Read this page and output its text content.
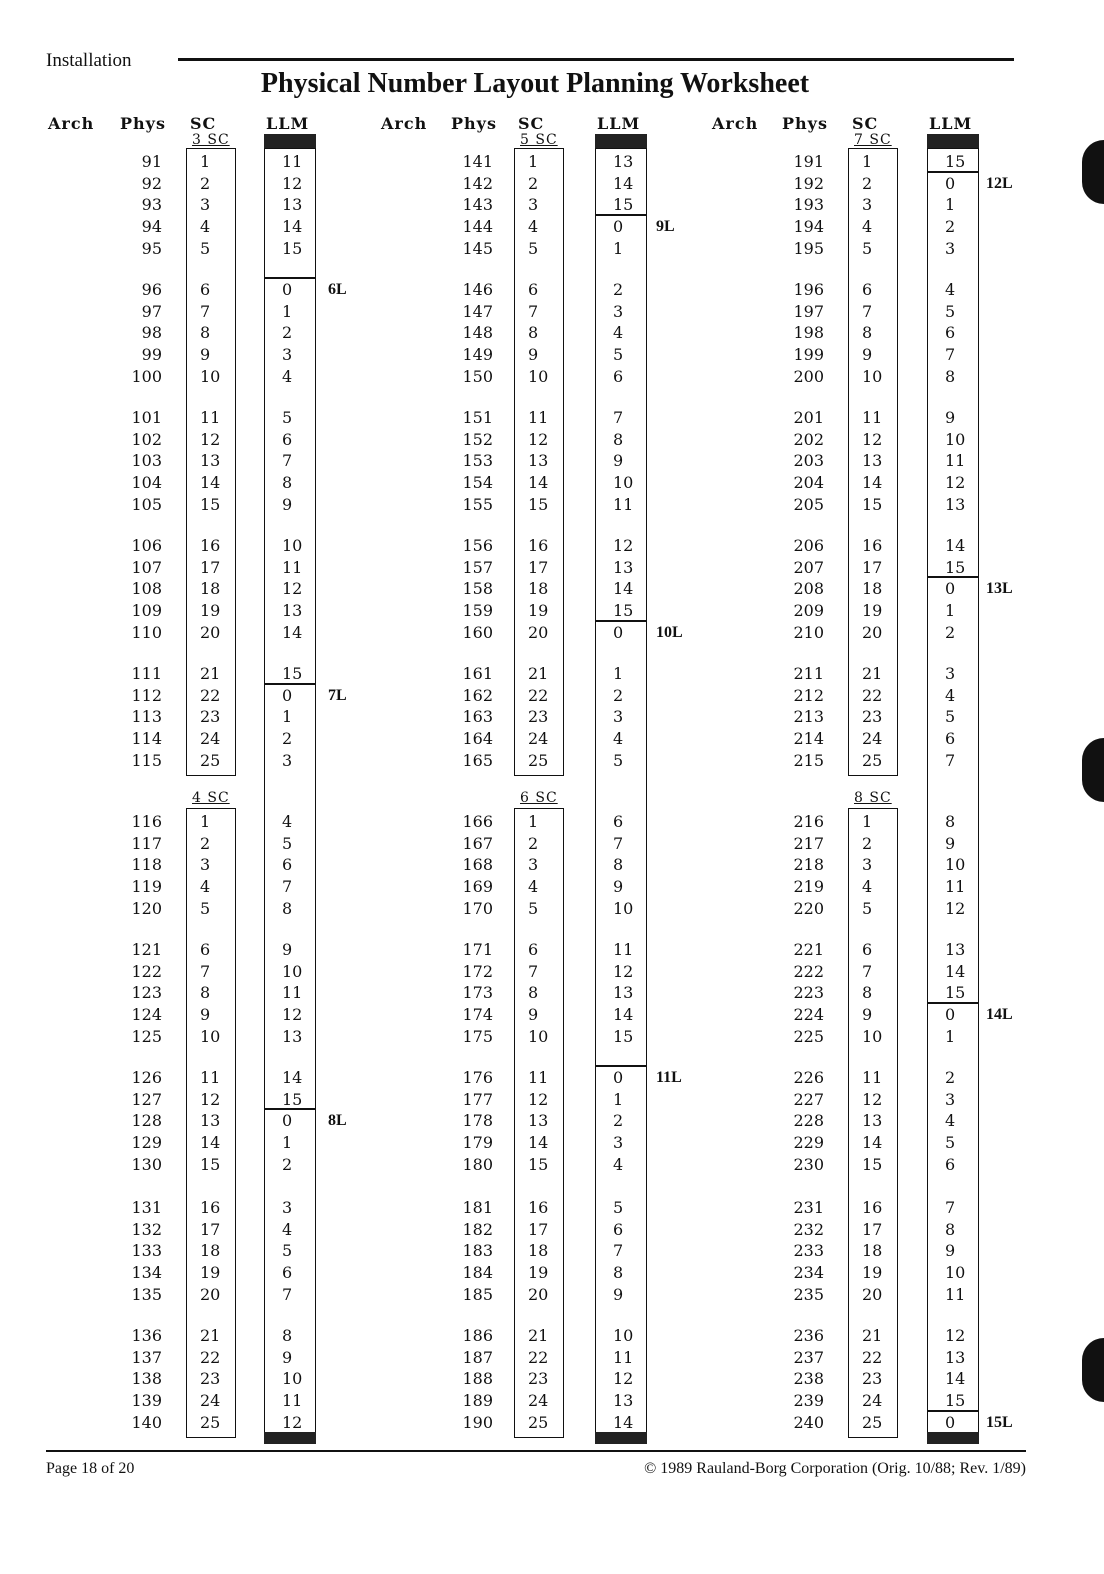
Installation
Physical Number Layout Planning Worksheet
Arch Phys SC	LLM
91 1	11
92 2	12
93 3	13
94 4	14
95 5	15
96 6	0	6L
97 7	1
98 8	2
99 9	3
100 10	4
101 11	5
102 12	6
103 13	7
104 14	8
105 15	9
106 16	10
107 17	11
108 18	12
109 19	13
110 20	14
111 21	15
112 22	0	7L
113 23	1
114 24	2
115 25	3
116 1	4
117 2	5
118 3	6
119 4	7
120 5	8
121 6	9
122 7	10
123 8	11
124 9	12
125 10	13
126 11	14
127 12	15
128 13	0	8L
129 14	1
130 15	2
131 16	3
132 17	4
133 18	5
134 19	6
135 20	7
136 21	8
137 22	9
138 23	10
139 24	11
140 25	12
3 SC
4 SC
Arch Phys SC	LLM
141 1	13
142 2	14
143 3	15
144 4	0	9L
145 5	1
146 6	2
147 7	3
148 8	4
149 9	5
150 10	6
151 11	7
152 12	8
153 13	9
154 14	10
155 15	11
156 16	12
157 17	13
158 18	14
159 19	15
160 20	0	10L
161 21	1
162 22	2
163 23	3
164 24	4
165 25	5
166 1	6
167 2	7
168 3	8
169 4	9
170 5	10
171 6	11
172 7	12
173 8	13
174 9	14
175 10	15
176 11	0	11L
177 12	1
178 13	2
179 14	3
180 15	4
181 16	5
182 17	6
183 18	7
184 19	8
185 20	9
186 21	10
187 22	11
188 23	12
189 24	13
190 25	14
5 SC
6 SC
Arch Phys SC	LLM
191 1	15
192 2	0	12L
193 3	1
194 4	2
195 5	3
196 6	4
197 7	5
198 8	6
199 9	7
200 10	8
201 11	9
202 12	10
203 13	11
204 14	12
205 15	13
206 16	14
207 17	15
208 18	0	13L
209 19	1
210 20	2
211 21	3
212 22	4
213 23	5
214 24	6
215 25	7
216 1	8
217 2	9
218 3	10
219 4	11
220 5	12
221 6	13
222 7	14
223 8	15
224 9	0	14L
225 10	1
226 11	2
227 12	3
228 13	4
229 14	5
230 15	6
231 16	7
232 17	8
233 18	9
234 19	10
235 20	11
236 21	12
237 22	13
238 23	14
239 24	15
240 25	0	15L
7 SC
8 SC
Page 18 of 20	© 1989 Rauland-Borg Corporation (Orig. 10/88; Rev. 1/89)
